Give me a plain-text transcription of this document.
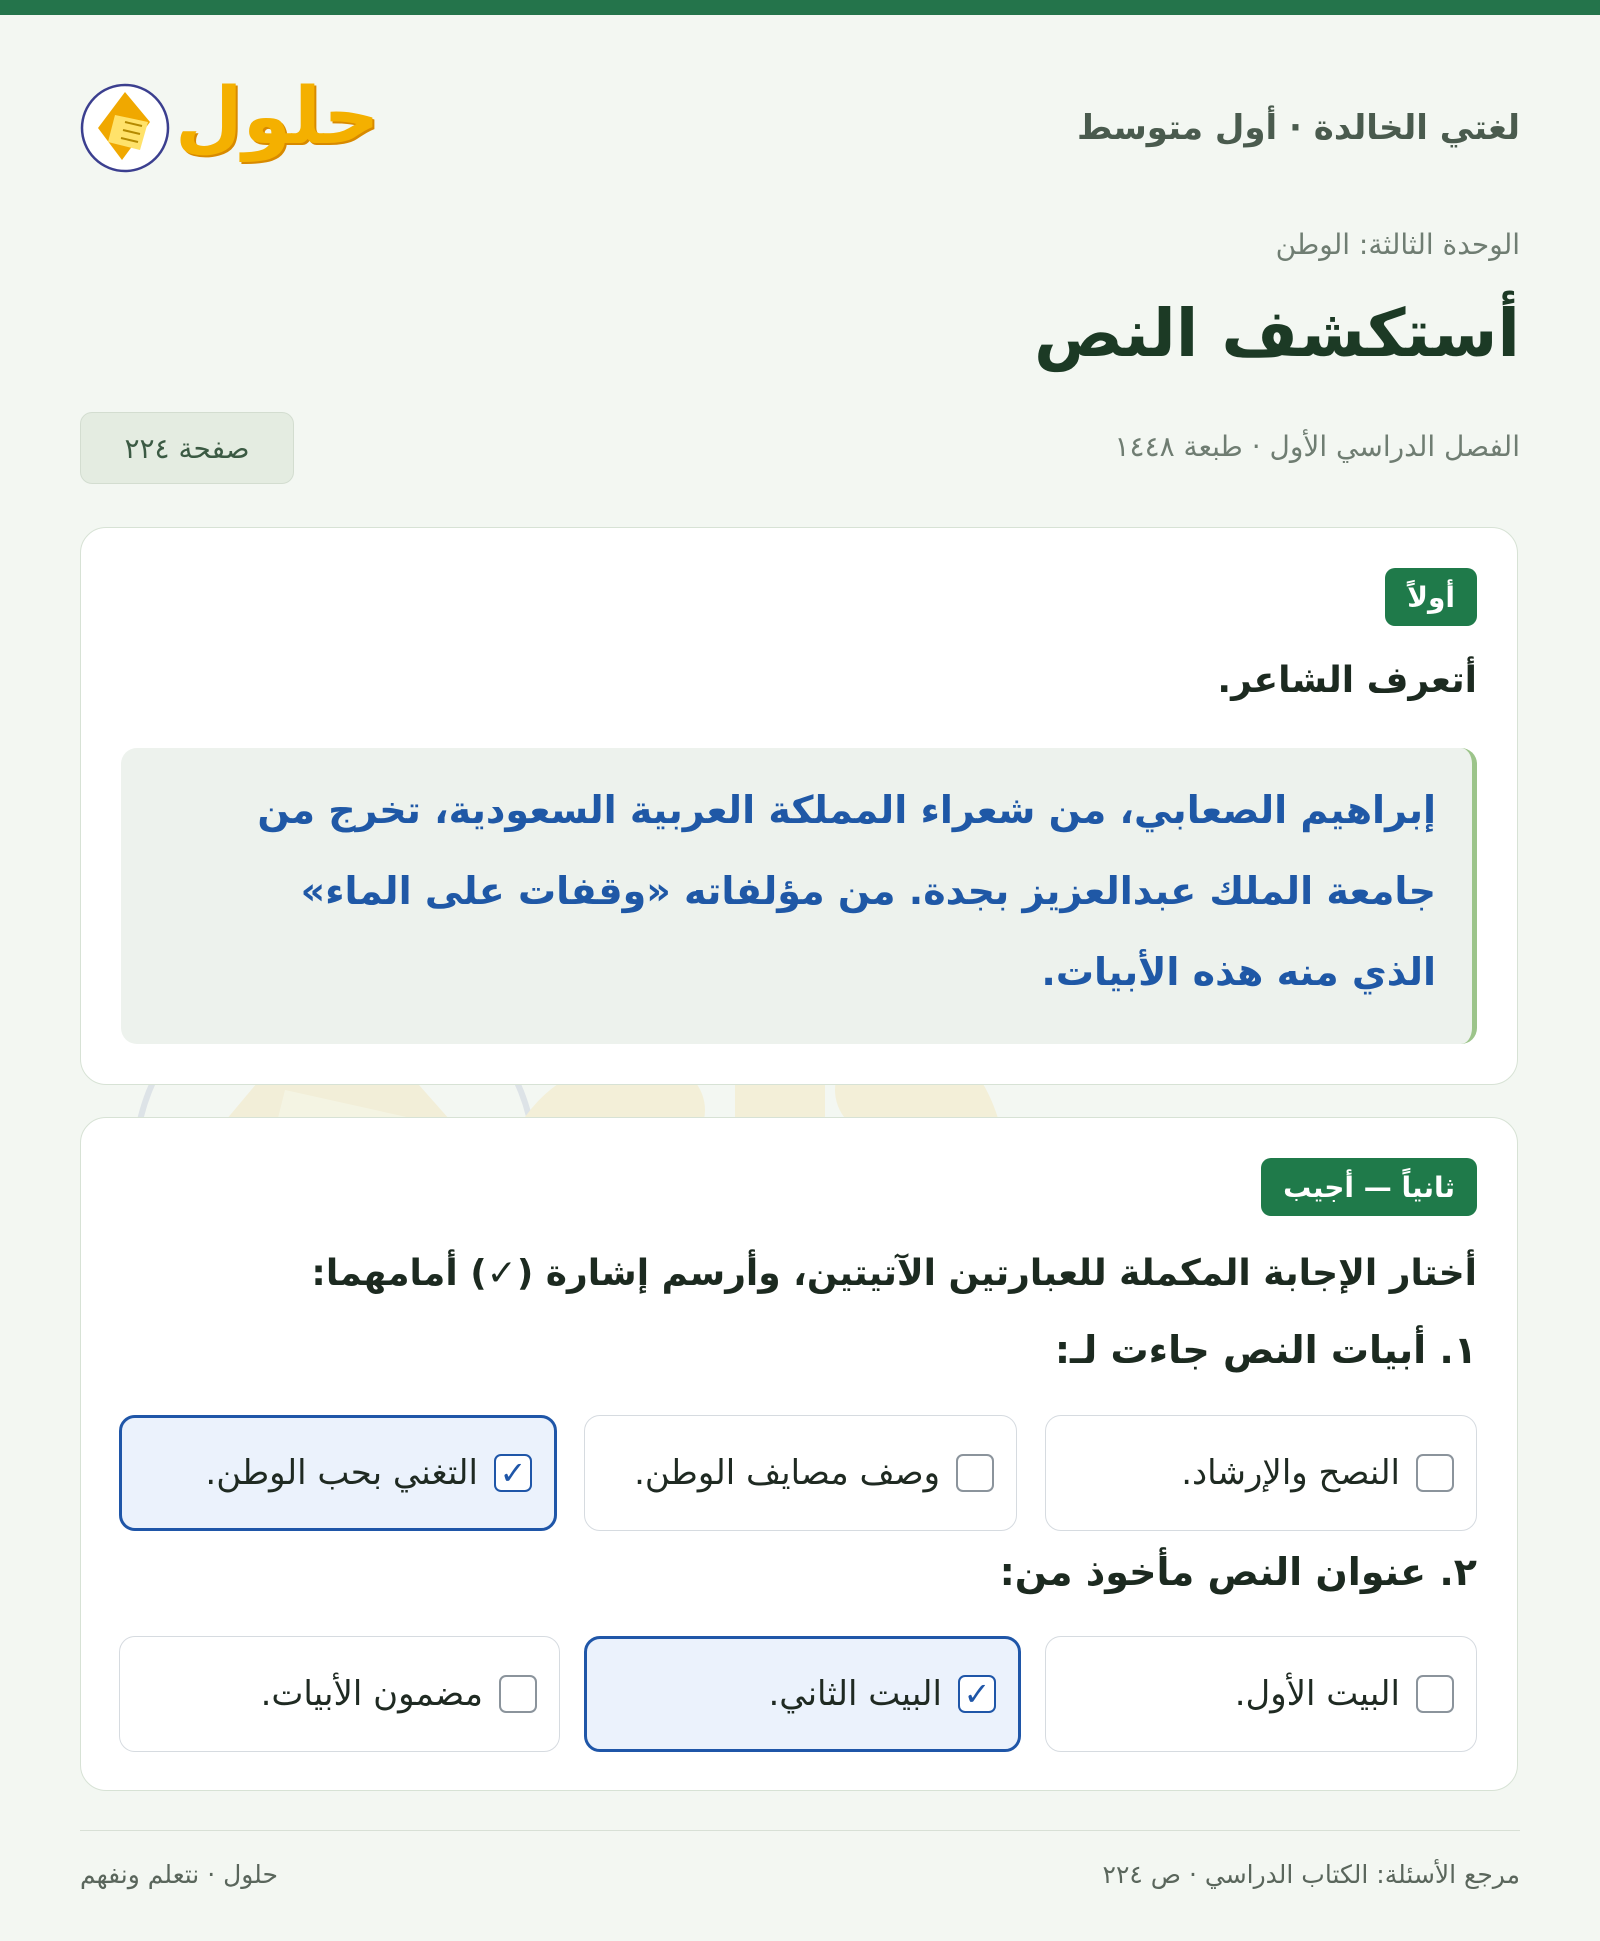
حلول	لغتي الخالدة · أول متوسط
الوحدة الثالثة: الوطن
أستكشف النص
الفصل الدراسي الأول · طبعة ١٤٤٨
صفحة ٢٢٤
أولاً
أتعرف الشاعر.
إبراهيم الصعابي، من شعراء المملكة العربية السعودية، تخرج من
جامعة الملك عبدالعزيز بجدة. من مؤلفاته «وقفات على الماء»
الذي منه هذه الأبيات.
ثانياً — أجيب
أختار الإجابة المكملة للعبارتين الآتيتين، وأرسم إشارة (✓) أمامهما:
١. أبيات النص جاءت لـ:
النصح والإرشاد.
وصف مصايف الوطن.
✓
التغني بحب الوطن.
٢. عنوان النص مأخوذ من:
البيت الأول.
✓
البيت الثاني.
مضمون الأبيات.
مرجع الأسئلة: الكتاب الدراسي · ص ٢٢٤
حلول · نتعلم ونفهم
